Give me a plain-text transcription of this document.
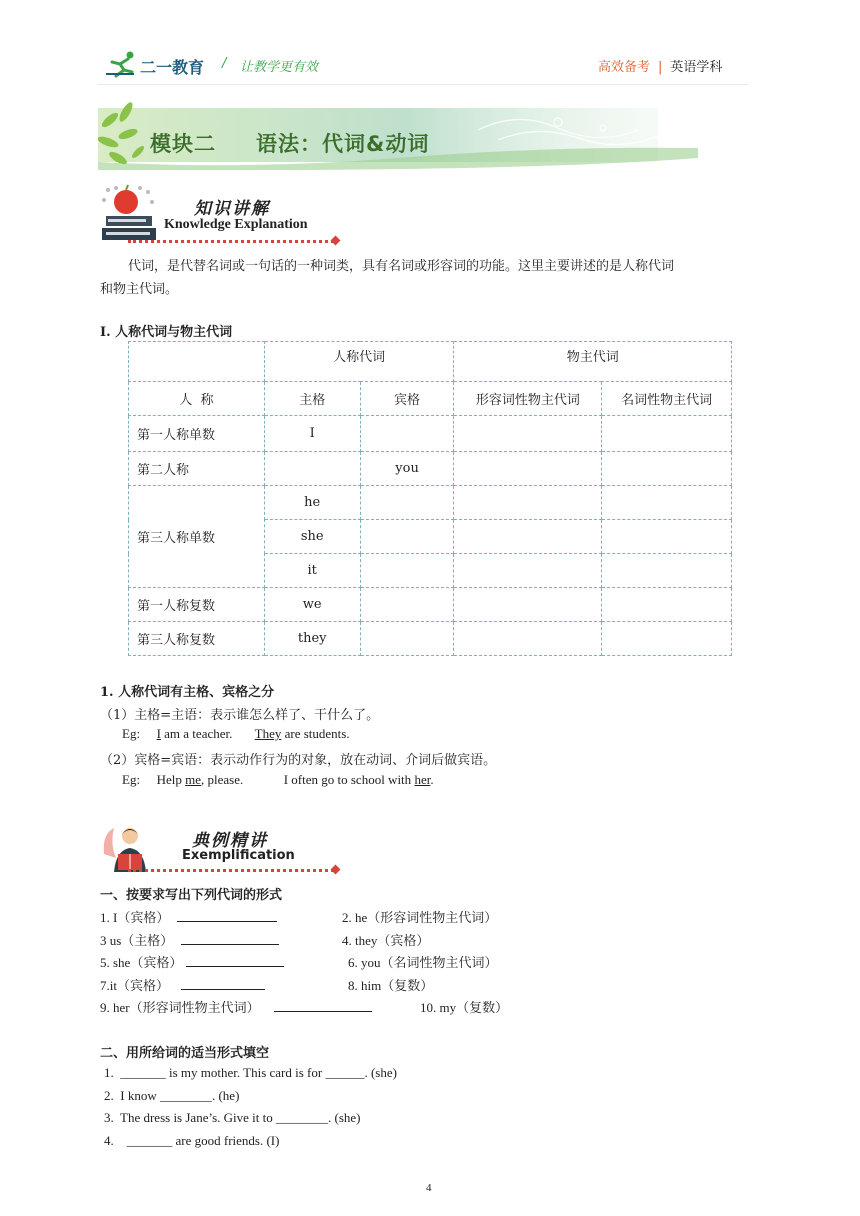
二一教育 / 让教学更有效	高效备考 | 英语学科
模块二 语法：代词&动词
知识讲解
Knowledge Explanation
代词，是代替名词或一句话的一种词类，具有名词或形容词的功能。这里主要讲述的是人称代词
和物主代词。
Ⅰ. 人称代词与物主代词
	人称代词		物主代词	
人  称	主格	宾格	形容词性物主代词	名词性物主代词
第一人称单数	I			
第二人称		you		
第三人称单数	he			
	she			
	it			
第一人称复数	we			
第三人称复数	they			
1. 人称代词有主格、宾格之分
（1）主格=主语：表示谁怎么样了、干什么了。
Eg: I am a teacher. They are students.
（2）宾格=宾语：表示动作行为的对象，放在动词、介词后做宾语。
Eg: Help me, please.	I often go to school with her.
典例精讲
Exemplification
一、按要求写出下列代词的形式
1. I（宾格）	2. he（形容词性物主代词）
3 us（主格）	4. they（宾格）
5. she（宾格）	6. you（名词性物主代词）
7.it（宾格）	8. him（复数）
9. her（形容词性物主代词）	10. my（复数）
二、用所给词的适当形式填空
1.  _______ is my mother. This card is for ______. (she)
2.  I know ________. (he)
3.  The dress is Jane’s. Give it to ________. (she)
4.    _______ are good friends. (I)
4
